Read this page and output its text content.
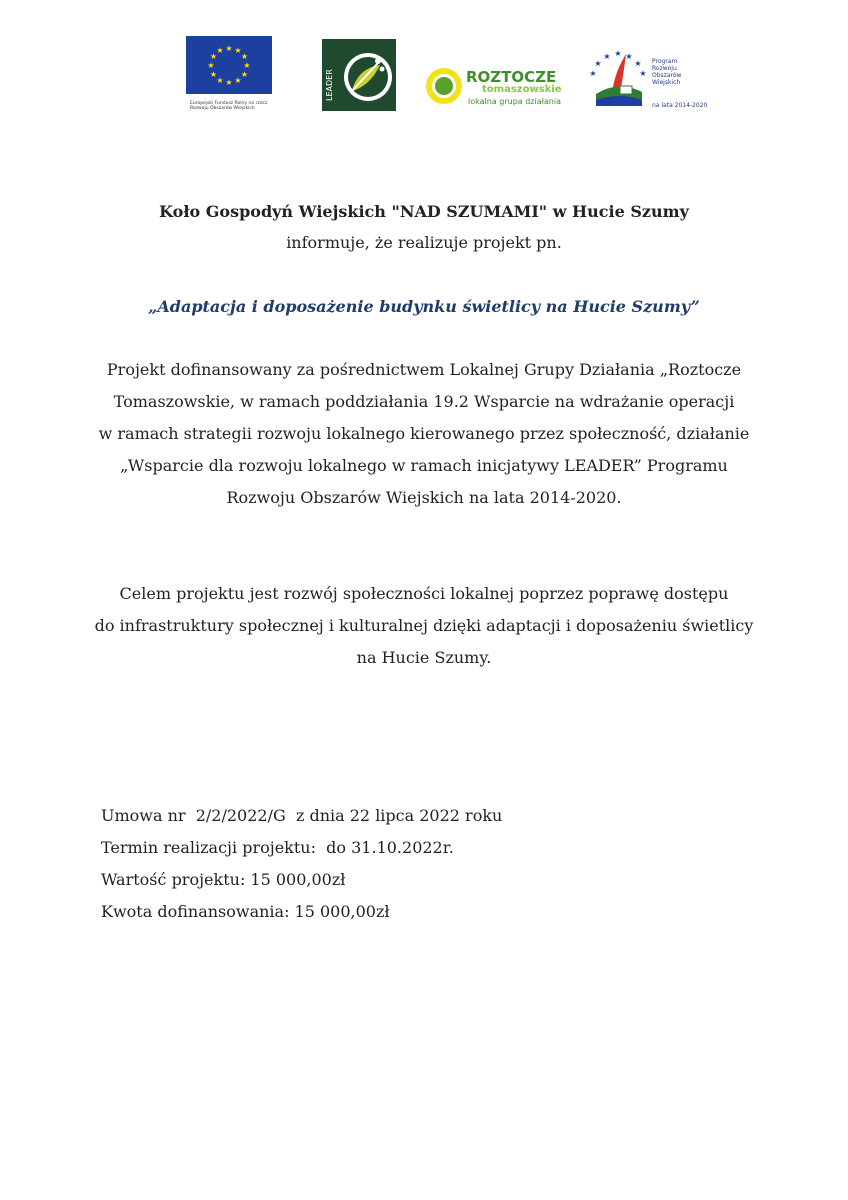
★ ★
★
★
★
★
★
★
★
★
★
★
Europejski Fundusz Rolny na rzecz Rozwoju Obszarów Wiejskich
LEADER	ROZTOCZE
tomaszowskie
lokalna grupa działania
★ ★
★
★
★
★	★
Program
Rozwoju
Obszarów
Wiejskich
na lata 2014-2020
Koło Gospodyń Wiejskich "NAD SZUMAMI" w Hucie Szumy
informuje, że realizuje projekt pn.
„Adaptacja i doposażenie budynku świetlicy na Hucie Szumy”
Projekt dofinansowany za pośrednictwem Lokalnej Grupy Działania „Roztocze
Tomaszowskie, w ramach poddziałania 19.2 Wsparcie na wdrażanie operacji
w ramach strategii rozwoju lokalnego kierowanego przez społeczność, działanie
„Wsparcie dla rozwoju lokalnego w ramach inicjatywy LEADER” Programu
Rozwoju Obszarów Wiejskich na lata 2014-2020.
Celem projektu jest rozwój społeczności lokalnej poprzez poprawę dostępu
do infrastruktury społecznej i kulturalnej dzięki adaptacji i doposażeniu świetlicy
na Hucie Szumy.
Umowa nr  2/2/2022/G  z dnia 22 lipca 2022 roku
Termin realizacji projektu:  do 31.10.2022r.
Wartość projektu: 15 000,00zł
Kwota dofinansowania: 15 000,00zł
